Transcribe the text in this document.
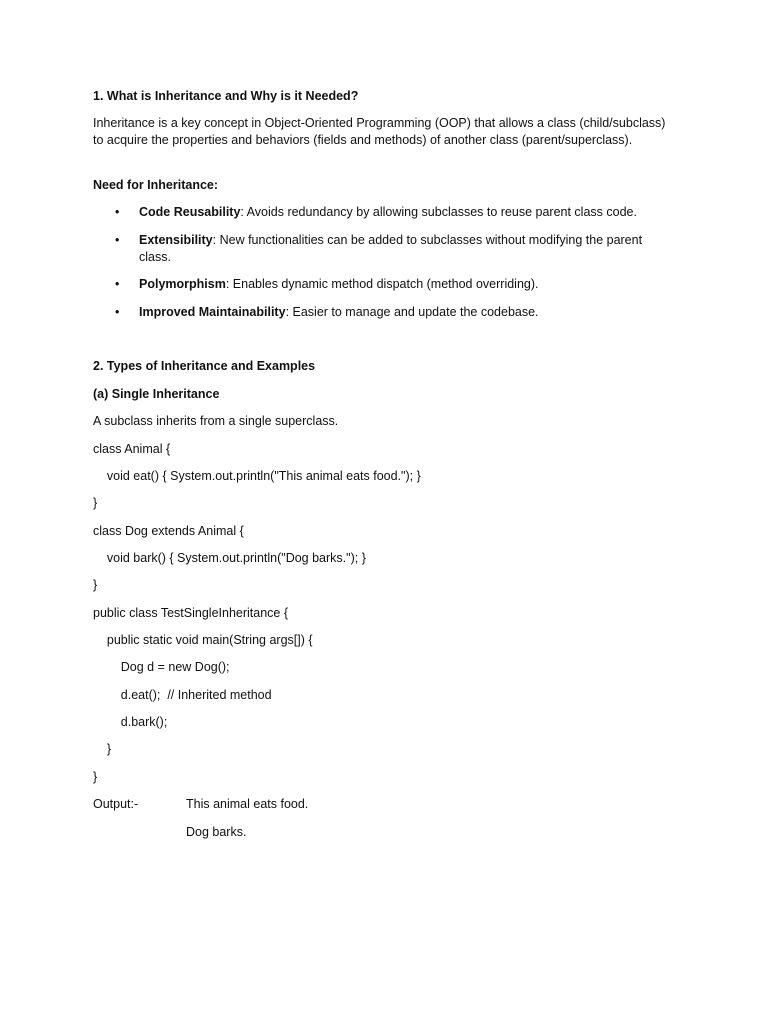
1. What is Inheritance and Why is it Needed?

Inheritance is a key concept in Object-Oriented Programming (OOP) that allows a class (child/subclass) to acquire the properties and behaviors (fields and methods) of another class (parent/superclass).

Need for Inheritance:

• Code Reusability: Avoids redundancy by allowing subclasses to reuse parent class code.
• Extensibility: New functionalities can be added to subclasses without modifying the parent class.
• Polymorphism: Enables dynamic method dispatch (method overriding).
• Improved Maintainability: Easier to manage and update the codebase.

2. Types of Inheritance and Examples

(a) Single Inheritance

A subclass inherits from a single superclass.

class Animal {

void eat() { System.out.println("This animal eats food."); }

}

class Dog extends Animal {

void bark() { System.out.println("Dog barks."); }

}

public class TestSingleInheritance {

public static void main(String args[]) {

Dog d = new Dog();

d.eat();  // Inherited method

d.bark();

}

}

Output:-	This animal eats food.
Dog barks.
